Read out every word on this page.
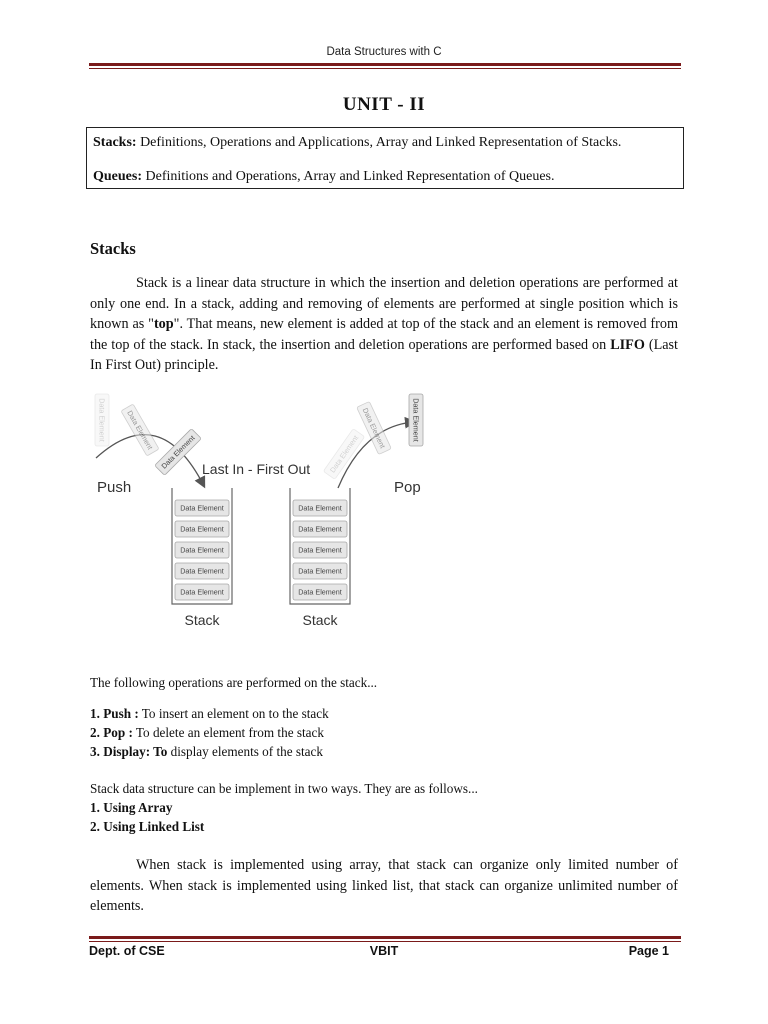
Data Structures with C
UNIT - II
Stacks: Definitions, Operations and Applications, Array and Linked Representation of Stacks.
Queues: Definitions and Operations, Array and Linked Representation of Queues.
Stacks

Stack is a linear data structure in which the insertion and deletion operations are performed at only one end. In a stack, adding and removing of elements are performed at single position which is known as "top". That means, new element is added at top of the stack and an element is removed from the top of the stack. In stack, the insertion and deletion operations are performed based on LIFO (Last In First Out) principle.

Push	Pop
Last In - First Out
Stack	Stack
Data Element	Data Element
Data Element	Data Element
Data Element	Data Element
Data Element	Data Element
Data Element	Data Element
Data Element	Data Element
Data Element	Data Element
Data Element	Data Element
The following operations are performed on the stack...
1. Push : To insert an element on to the stack
2. Pop : To delete an element from the stack
3. Display: To display elements of the stack
Stack data structure can be implement in two ways. They are as follows...
1. Using Array
2. Using Linked List

When stack is implemented using array, that stack can organize only limited number of elements. When stack is implemented using linked list, that stack can organize unlimited number of elements.

Dept. of CSE	VBIT	Page 1
